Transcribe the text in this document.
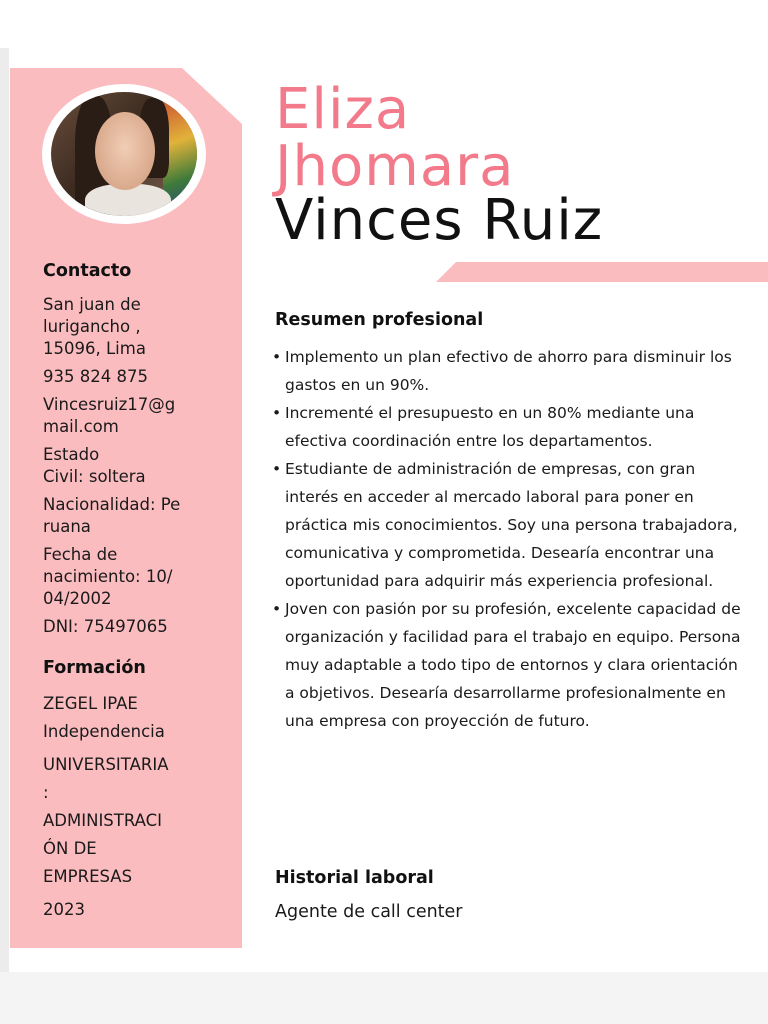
Contacto

San juan de
lurigancho ,
15096, Lima

935 824 875

Vincesruiz17@g
mail.com

Estado
Civil: soltera

Nacionalidad: Pe
ruana

Fecha de
nacimiento: 10/
04/2002

DNI: 75497065

Formación

ZEGEL IPAE
Independencia

UNIVERSITARIA
:
ADMINISTRACI
ÓN DE
EMPRESAS

2023

Eliza
Jhomara
Vinces Ruiz
Resumen profesional

• Implemento un plan efectivo de ahorro para disminuir los gastos en un 90%.

• Incrementé el presupuesto en un 80% mediante una efectiva coordinación entre los departamentos.

• Estudiante de administración de empresas, con gran interés en acceder al mercado laboral para poner en práctica mis conocimientos. Soy una persona trabajadora, comunicativa y comprometida. Desearía encontrar una oportunidad para adquirir más experiencia profesional.

• Joven con pasión por su profesión, excelente capacidad de organización y facilidad para el trabajo en equipo. Persona muy adaptable a todo tipo de entornos y clara orientación a objetivos. Desearía desarrollarme profesionalmente en una empresa con proyección de futuro.

Historial laboral
Agente de call center
